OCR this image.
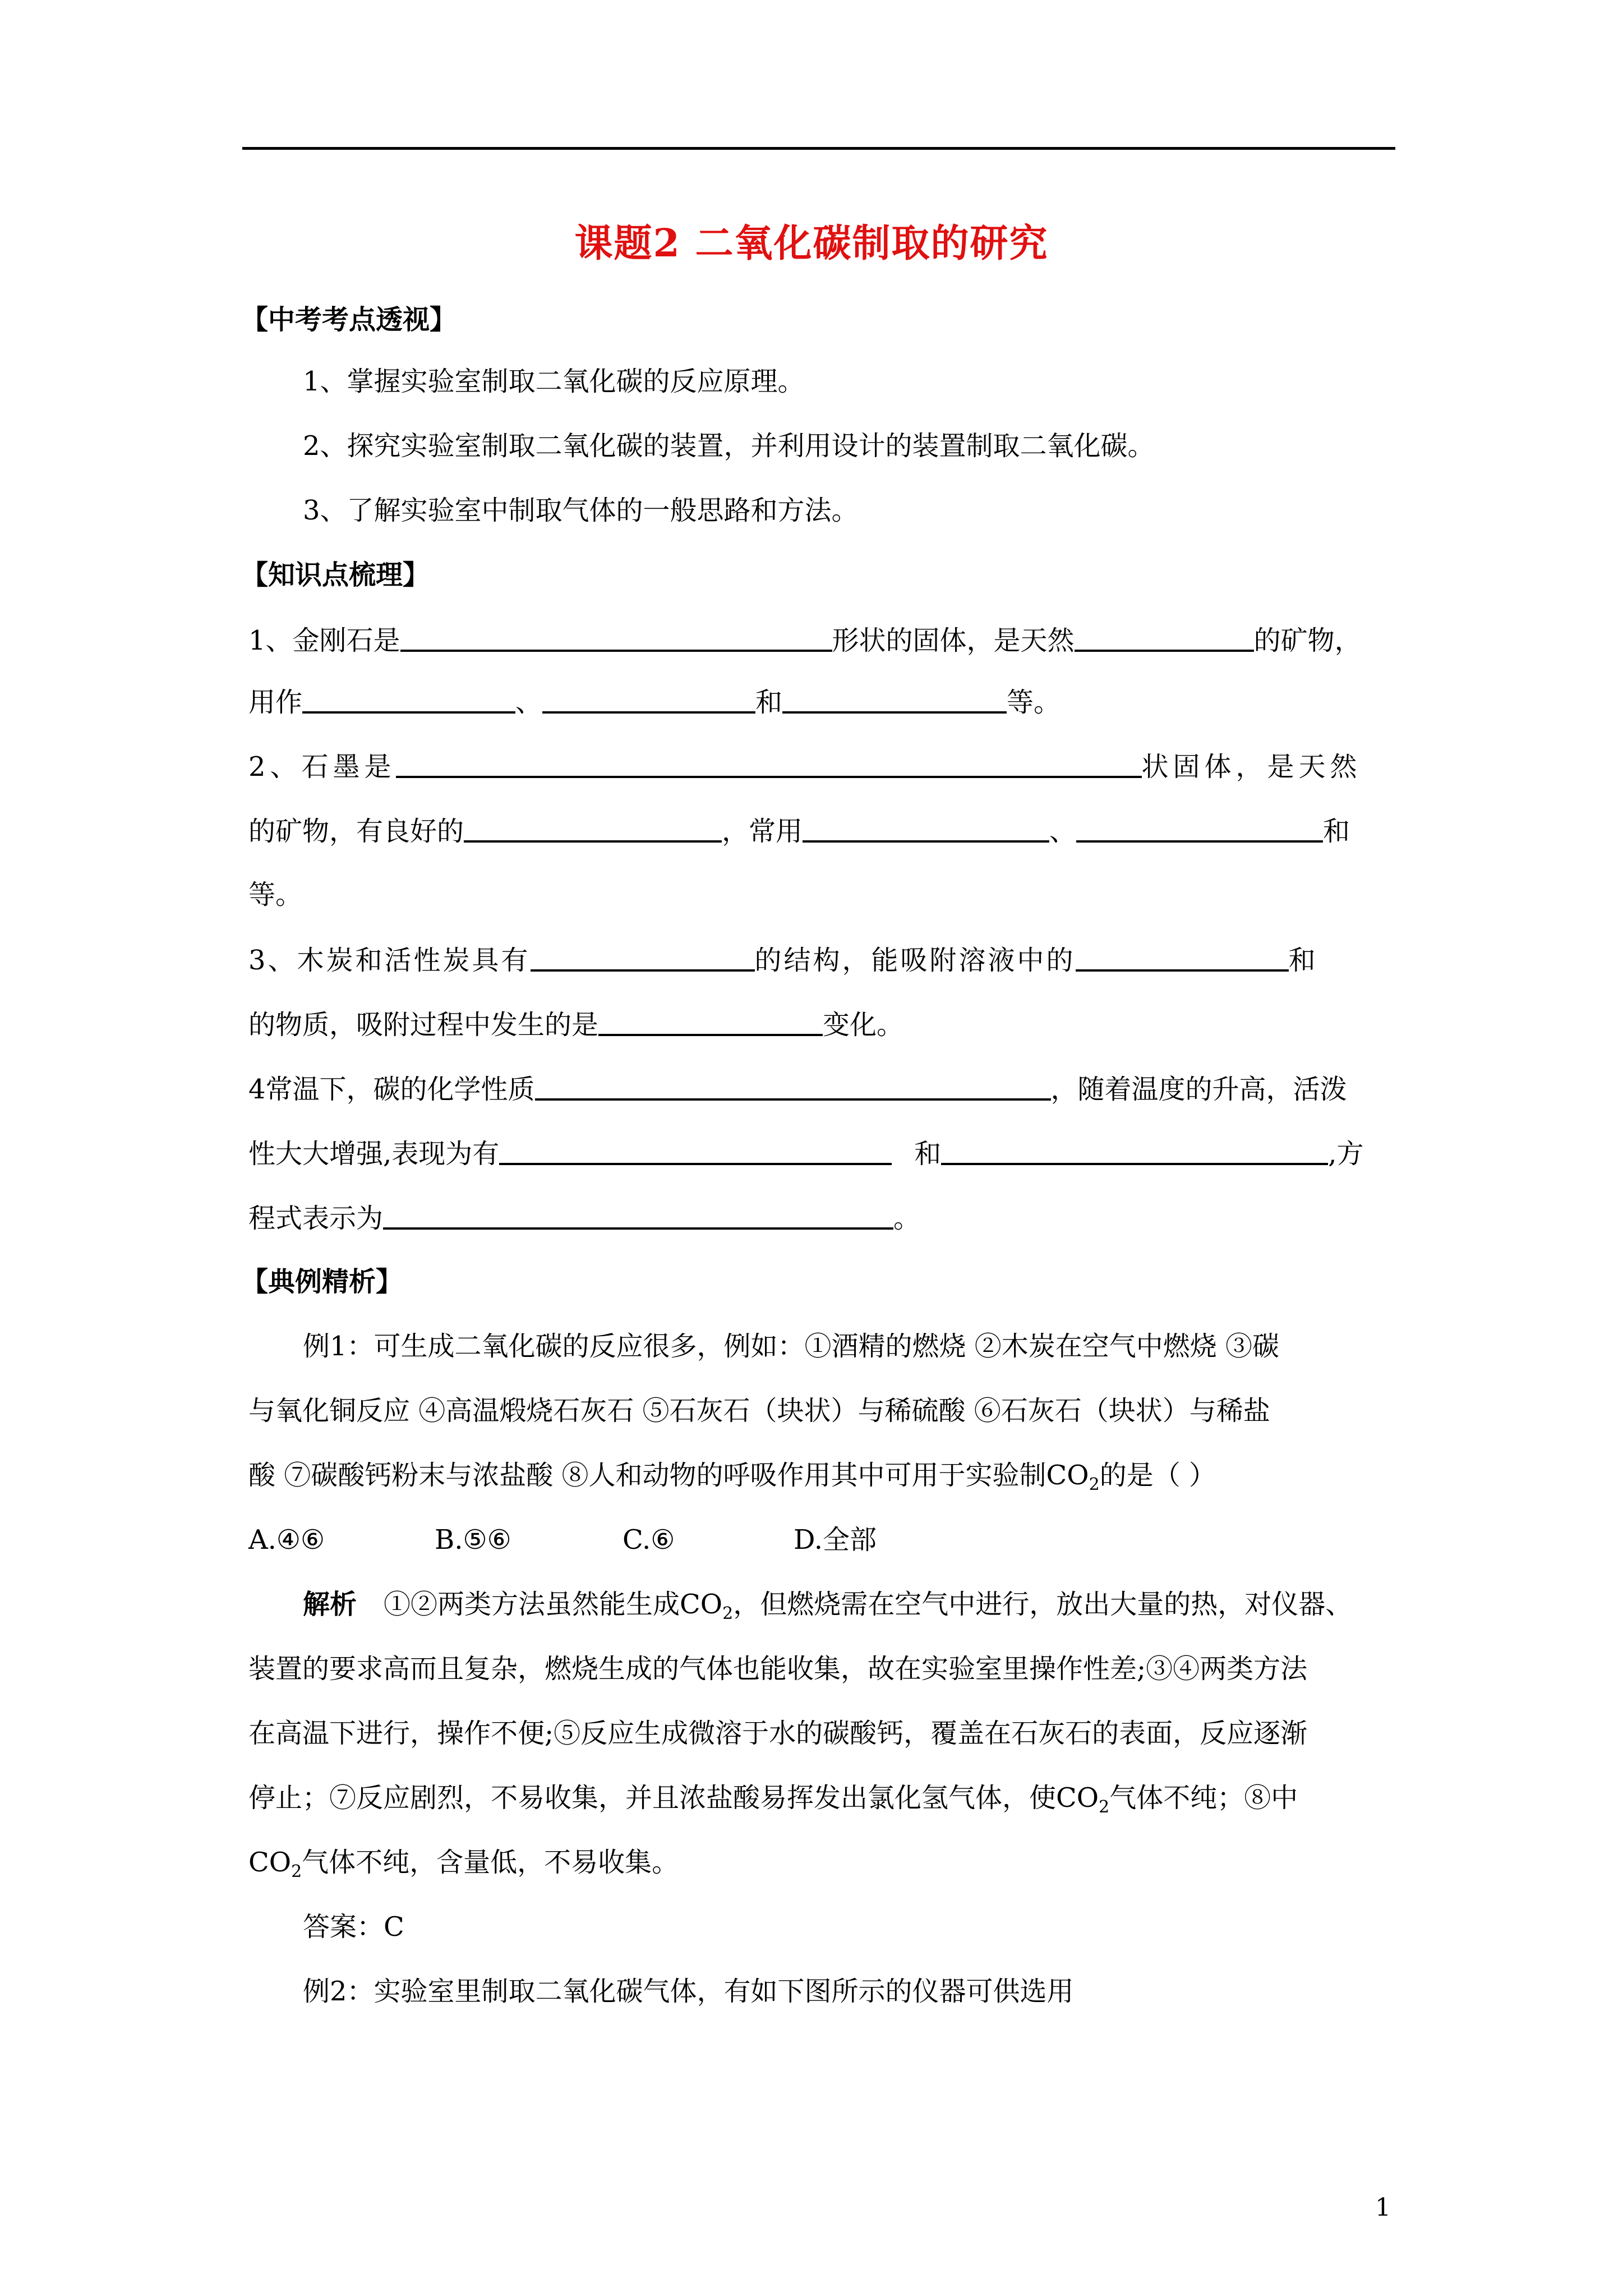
课题2 二氧化碳制取的研究
【中考考点透视】
1、掌握实验室制取二氧化碳的反应原理。
2、探究实验室制取二氧化碳的装置，并利用设计的装置制取二氧化碳。
3、了解实验室中制取气体的一般思路和方法。
【知识点梳理】
1、金刚石是	形状的固体，是天然	的矿物，
用作	、	和	等。
2、石墨是	状固体，是天然
的矿物，有良好的	，常用	、	和
等。
3、木炭和活性炭具有	的结构，能吸附溶液中的	和
的物质，吸附过程中发生的是	变化。
4常温下，碳的化学性质	，随着温度的升高，活泼
性大大增强,表现为有	和	,方
程式表示为	。
【典例精析】
例1：可生成二氧化碳的反应很多，例如：①酒精的燃烧 ②木炭在空气中燃烧 ③碳
与氧化铜反应 ④高温煅烧石灰石 ⑤石灰石（块状）与稀硫酸 ⑥石灰石（块状）与稀盐
酸 ⑦碳酸钙粉末与浓盐酸 ⑧人和动物的呼吸作用其中可用于实验制$CO_2$的是（ ）
A.④⑥	B.⑤⑥	C.⑥	D.全部
解析 ①②两类方法虽然能生成$CO_2$，但燃烧需在空气中进行，放出大量的热，对仪器、
装置的要求高而且复杂，燃烧生成的气体也能收集，故在实验室里操作性差;③④两类方法
在高温下进行，操作不便;⑤反应生成微溶于水的碳酸钙，覆盖在石灰石的表面，反应逐渐
停止；⑦反应剧烈，不易收集，并且浓盐酸易挥发出氯化氢气体，使$CO_2$气体不纯；⑧中
$CO_2$气体不纯，含量低，不易收集。
答案：C
例2：实验室里制取二氧化碳气体，有如下图所示的仪器可供选用
1
